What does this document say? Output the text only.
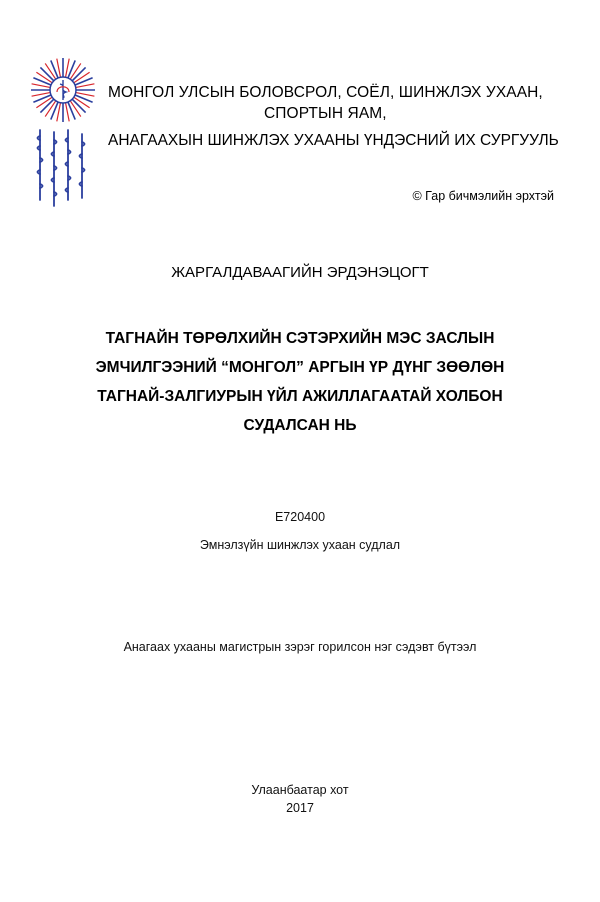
МОНГОЛ УЛСЫН БОЛОВСРОЛ, СОЁЛ, ШИНЖЛЭХ УХААН,
СПОРТЫН ЯАМ,
АНАГААХЫН ШИНЖЛЭХ УХААНЫ ҮНДЭСНИЙ ИХ СУРГУУЛЬ
© Гар бичмэлийн эрхтэй
ЖАРГАЛДАВААГИЙН ЭРДЭНЭЦОГТ
ТАГНАЙН ТӨРӨЛХИЙН СЭТЭРХИЙН МЭС ЗАСЛЫН
ЭМЧИЛГЭЭНИЙ “МОНГОЛ” АРГЫН ҮР ДҮНГ ЗӨӨЛӨН
ТАГНАЙ-ЗАЛГИУРЫН ҮЙЛ АЖИЛЛАГААТАЙ ХОЛБОН
СУДАЛСАН НЬ
E720400
Эмнэлзүйн шинжлэх ухаан судлал
Анагаах ухааны магистрын зэрэг горилсон нэг сэдэвт бүтээл
Улаанбаатар хот
2017
